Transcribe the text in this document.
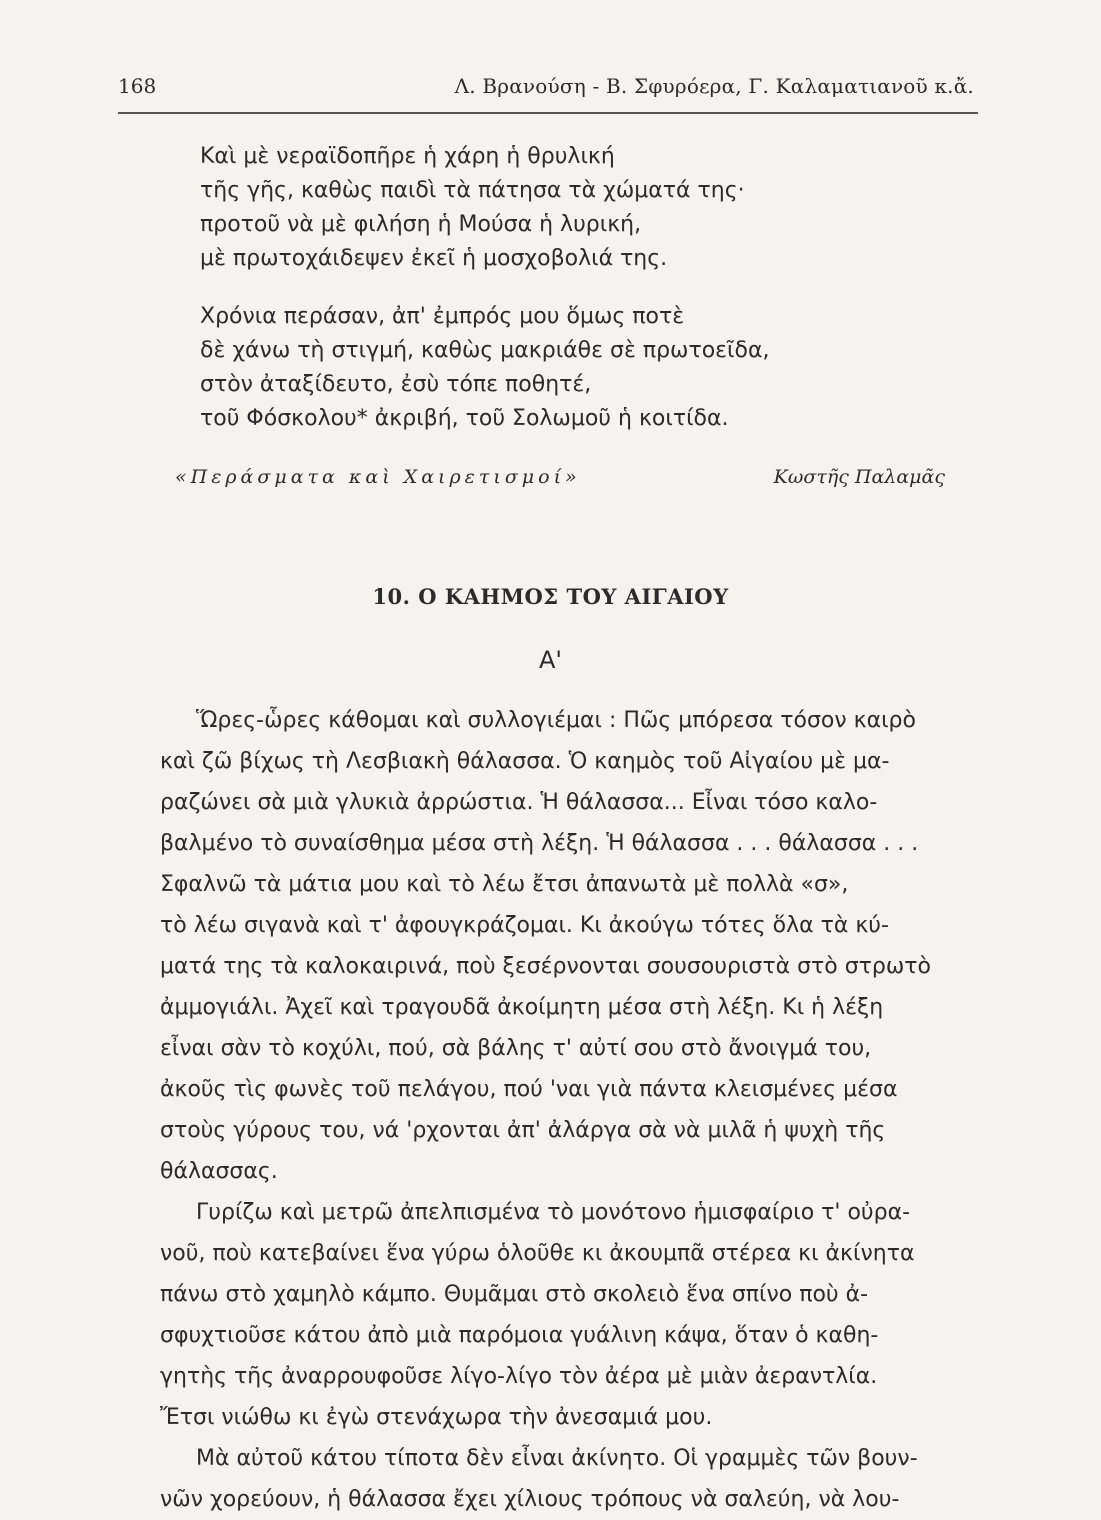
168	Λ. Βρανούση - Β. Σφυρόερα, Γ. Καλαματιανοῦ κ.ἄ.
Καὶ μὲ νεραϊδοπῆρε ἡ χάρη ἡ θρυλική
τῆς γῆς, καθὼς παιδὶ τὰ πάτησα τὰ χώματά της·
προτοῦ νὰ μὲ φιλήση ἡ Μούσα ἡ λυρική,
μὲ πρωτοχάιδεψεν ἐκεῖ ἡ μοσχοβολιά της.
Χρόνια περάσαν, ἀπ' ἐμπρός μου ὅμως ποτὲ
δὲ χάνω τὴ στιγμή, καθὼς μακριάθε σὲ πρωτοεῖδα,
στὸν ἀταξίδευτο, ἐσὺ τόπε ποθητέ,
τοῦ Φόσκολου* ἀκριβή, τοῦ Σολωμοῦ ἡ κοιτίδα.
«Περάσματα καὶ Χαιρετισμοί»	Κωστῆς Παλαμᾶς
10. Ο ΚΑΗΜΟΣ ΤΟΥ ΑΙΓΑΙΟΥ
Α'
Ὥρες-ὧρες κάθομαι καὶ συλλογιέμαι : Πῶς μπόρεσα τόσον καιρὸ
καὶ ζῶ βίχως τὴ Λεσβιακὴ θάλασσα. Ὁ καημὸς τοῦ Αἰγαίου μὲ μα-
ραζώνει σὰ μιὰ γλυκιὰ ἀρρώστια. Ἡ θάλασσα... Εἶναι τόσο καλο-
βαλμένο τὸ συναίσθημα μέσα στὴ λέξη. Ἡ θάλασσα . . . θάλασσα . . .
Σφαλνῶ τὰ μάτια μου καὶ τὸ λέω ἔτσι ἀπανωτὰ μὲ πολλὰ «σ»,
τὸ λέω σιγανὰ καὶ τ' ἀφουγκράζομαι. Κι ἀκούγω τότες ὅλα τὰ κύ-
ματά της τὰ καλοκαιρινά, ποὺ ξεσέρνονται σουσουριστὰ στὸ στρωτὸ
ἀμμογιάλι. Ἀχεῖ καὶ τραγουδᾶ ἀκοίμητη μέσα στὴ λέξη. Κι ἡ λέξη
εἶναι σὰν τὸ κοχύλι, πού, σὰ βάλης τ' αὐτί σου στὸ ἄνοιγμά του,
ἀκοῦς τὶς φωνὲς τοῦ πελάγου, πού 'ναι γιὰ πάντα κλεισμένες μέσα
στοὺς γύρους του, νά 'ρχονται ἀπ' ἀλάργα σὰ νὰ μιλᾶ ἡ ψυχὴ τῆς
θάλασσας.
Γυρίζω καὶ μετρῶ ἀπελπισμένα τὸ μονότονο ἡμισφαίριο τ' οὐρα-
νοῦ, ποὺ κατεβαίνει ἕνα γύρω ὁλοῦθε κι ἀκουμπᾶ στέρεα κι ἀκίνητα
πάνω στὸ χαμηλὸ κάμπο. Θυμᾶμαι στὸ σκολειὸ ἕνα σπίνο ποὺ ἀ-
σφυχτιοῦσε κάτου ἀπὸ μιὰ παρόμοια γυάλινη κάψα, ὅταν ὁ καθη-
γητὴς τῆς ἀναρρουφοῦσε λίγο-λίγο τὸν ἀέρα μὲ μιὰν ἀεραντλία.
Ἔτσι νιώθω κι ἐγὼ στενάχωρα τὴν ἀνεσαμιά μου.
Μὰ αὐτοῦ κάτου τίποτα δὲν εἶναι ἀκίνητο. Οἱ γραμμὲς τῶν βουν-
νῶν χορεύουν, ἡ θάλασσα ἔχει χίλιους τρόπους νὰ σαλεύη, νὰ λου-
